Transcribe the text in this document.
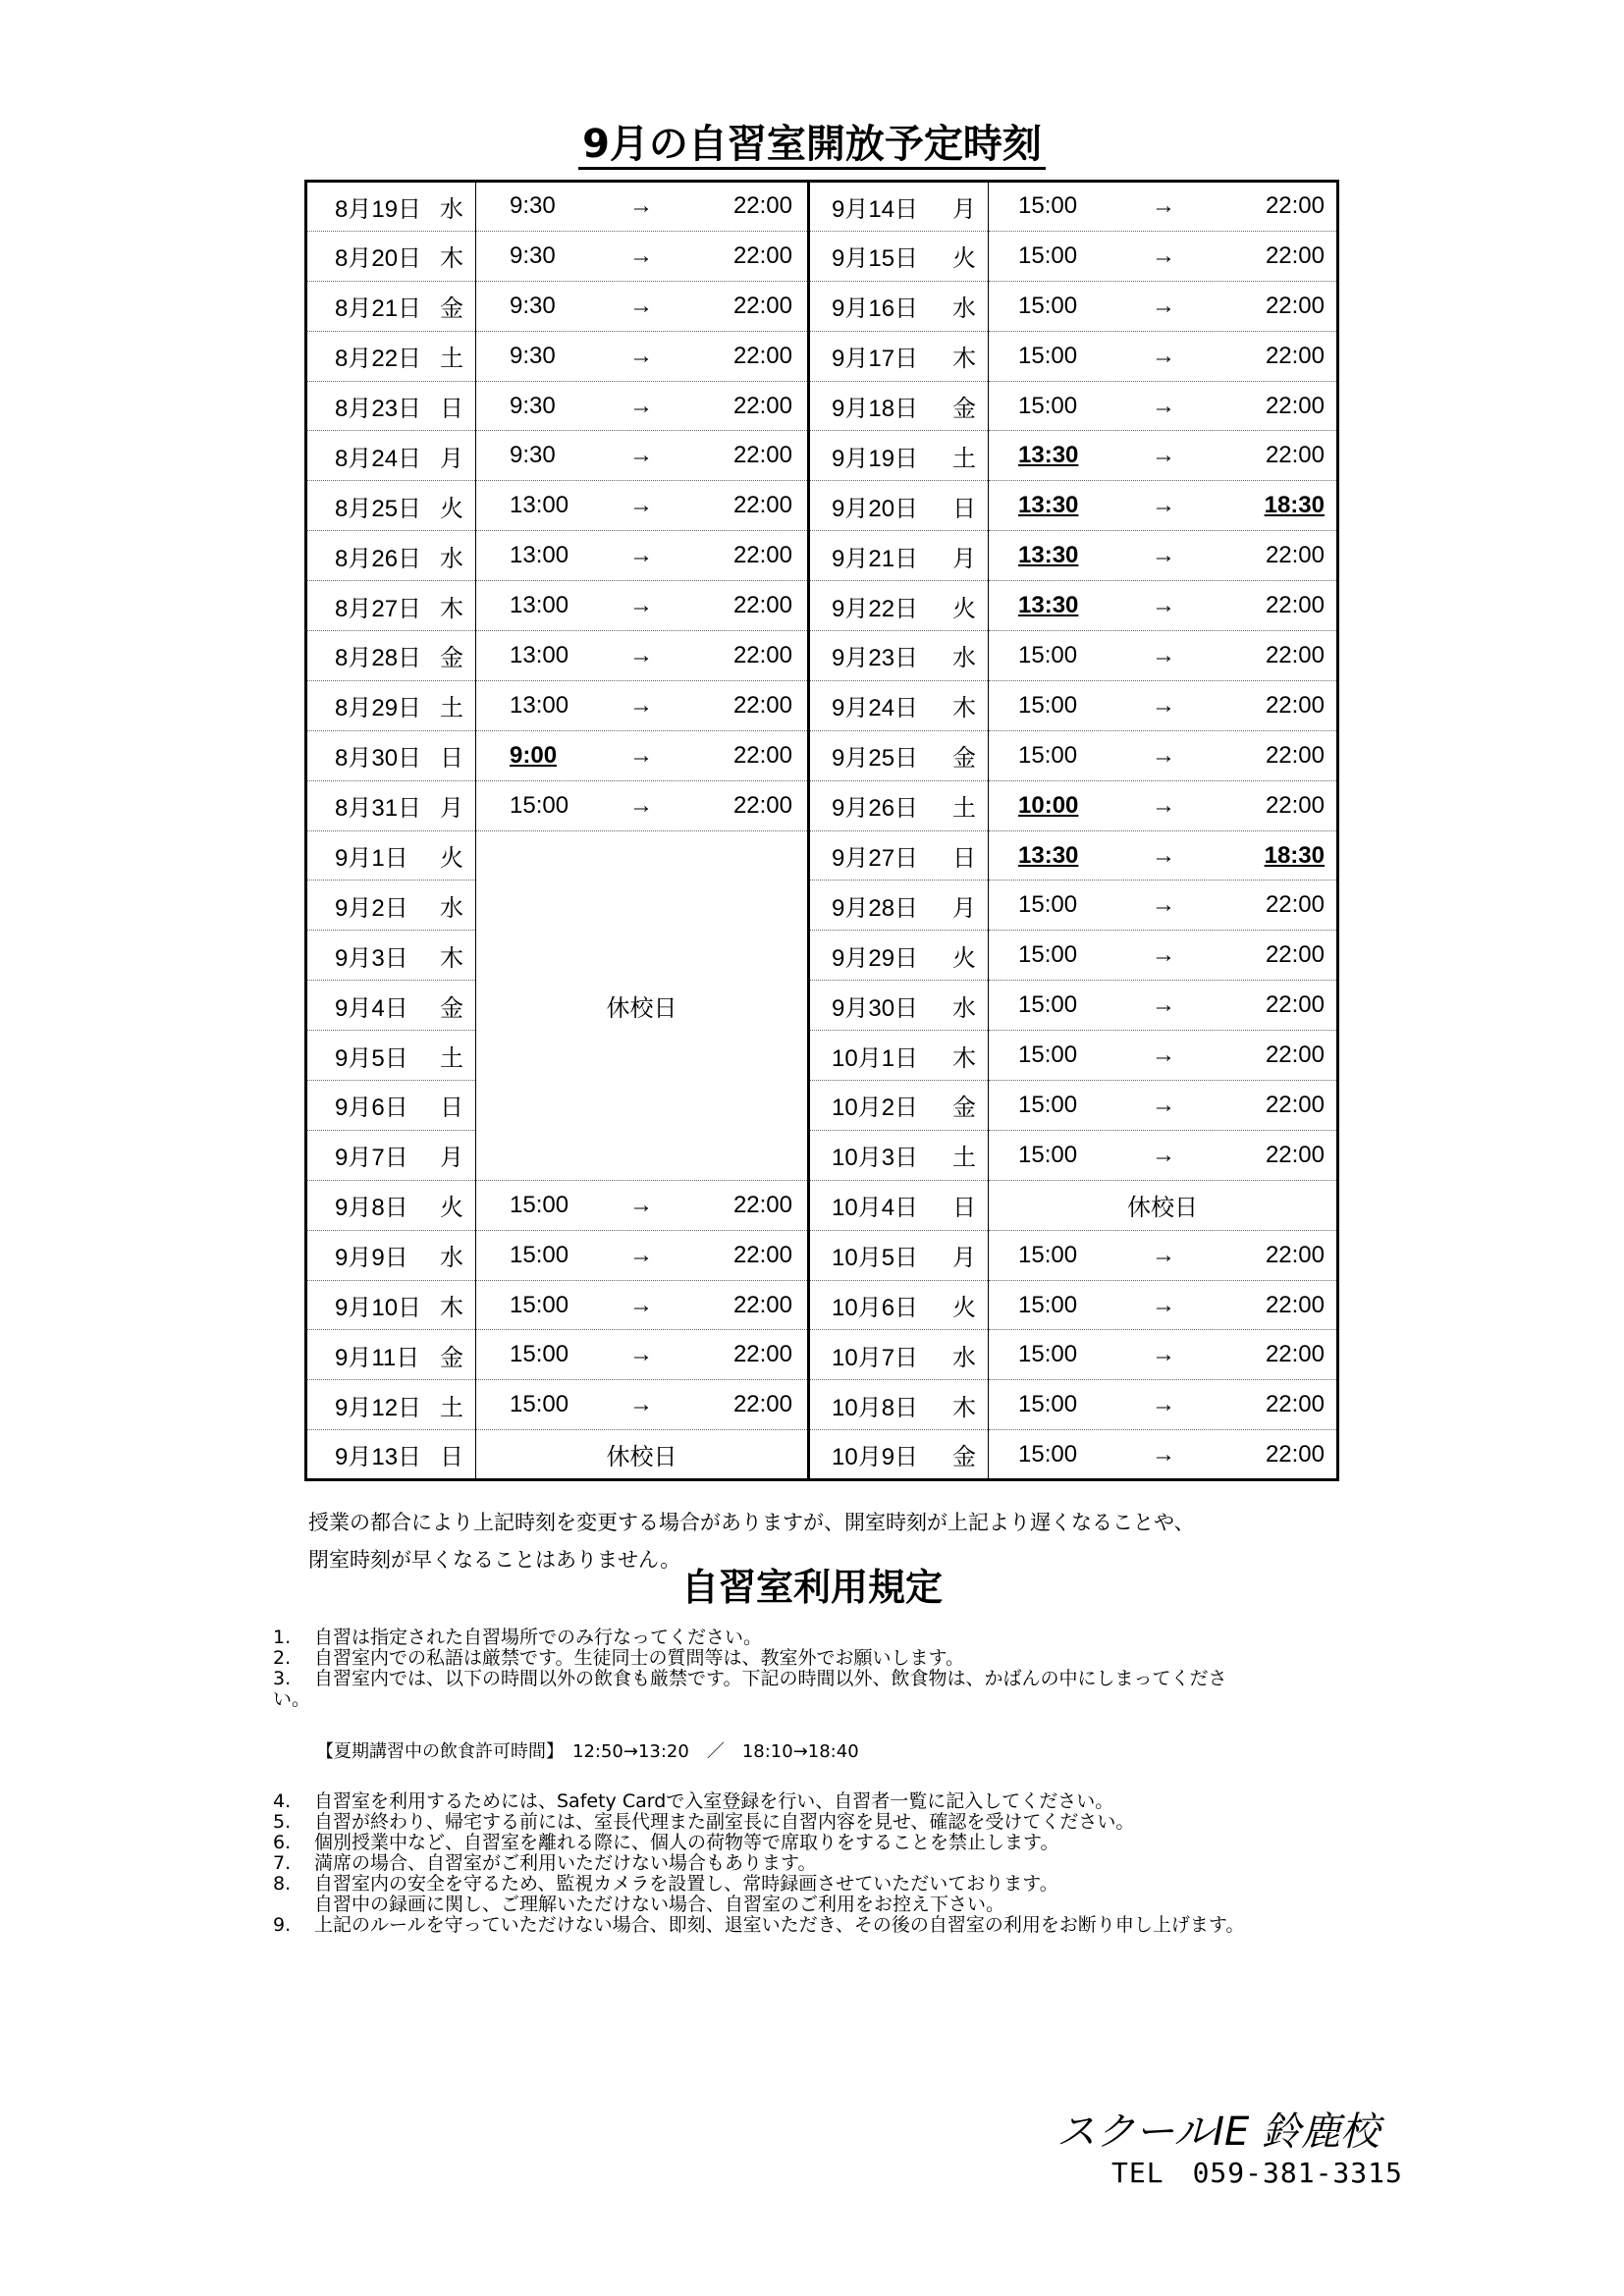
9月の自習室開放予定時刻
8月19日 水	9:30 → 22:00	9月14日 月	15:00 → 22:00

8月20日 木	9:30 → 22:00	9月15日 火	15:00 → 22:00

8月21日 金	9:30 → 22:00	9月16日 水	15:00 → 22:00

8月22日 土	9:30 → 22:00	9月17日 木	15:00 → 22:00

8月23日 日	9:30 → 22:00	9月18日 金	15:00 → 22:00

8月24日 月	9:30 → 22:00	9月19日 土	13:30 → 22:00

8月25日 火	13:00 → 22:00	9月20日 日	13:30 → 18:30

8月26日 水	13:00 → 22:00	9月21日 月	13:30 → 22:00

8月27日 木	13:00 → 22:00	9月22日 火	13:30 → 22:00

8月28日 金	13:00 → 22:00	9月23日 水	15:00 → 22:00

8月29日 土	13:00 → 22:00	9月24日 木	15:00 → 22:00

8月30日 日	9:00 → 22:00	9月25日 金	15:00 → 22:00

8月31日 月	15:00 → 22:00	9月26日 土	10:00 → 22:00

9月1日 火	休校日	9月27日 日	13:30 → 18:30

9月2日 水		9月28日 月	15:00 → 22:00

9月3日 木		9月29日 火	15:00 → 22:00

9月4日 金		9月30日 水	15:00 → 22:00

9月5日 土		10月1日 木	15:00 → 22:00

9月6日 日		10月2日 金	15:00 → 22:00

9月7日 月		10月3日 土	15:00 → 22:00

9月8日 火	15:00 → 22:00	10月4日 日	休校日
9月9日 水	15:00 → 22:00	10月5日 月	15:00 → 22:00

9月10日 木	15:00 → 22:00	10月6日 火	15:00 → 22:00

9月11日 金	15:00 → 22:00	10月7日 水	15:00 → 22:00

9月12日 土	15:00 → 22:00	10月8日 木	15:00 → 22:00

9月13日 日	休校日	10月9日 金	15:00 → 22:00
授業の都合により上記時刻を変更する場合がありますが、開室時刻が上記より遅くなることや、
閉室時刻が早くなることはありません。
自習室利用規定
1.	自習は指定された自習場所でのみ行なってください。
2.	自習室内での私語は厳禁です。生徒同士の質問等は、教室外でお願いします。
3.	自習室内では、以下の時間以外の飲食も厳禁です。下記の時間以外、飲食物は、かばんの中にしまってくださ
い。
【夏期講習中の飲食許可時間】　12:50→13:20　／　18:10→18:40
4.	自習室を利用するためには、Safety Cardで入室登録を行い、自習者一覧に記入してください。
5.	自習が終わり、帰宅する前には、室長代理また副室長に自習内容を見せ、確認を受けてください。
6.	個別授業中など、自習室を離れる際に、個人の荷物等で席取りをすることを禁止します。
7.	満席の場合、自習室がご利用いただけない場合もあります。
8.	自習室内の安全を守るため、監視カメラを設置し、常時録画させていただいております。
自習中の録画に関し、ご理解いただけない場合、自習室のご利用をお控え下さい。
9.	上記のルールを守っていただけない場合、即刻、退室いただき、その後の自習室の利用をお断り申し上げます。
スクールIE 鈴鹿校
TEL　059-381-3315
